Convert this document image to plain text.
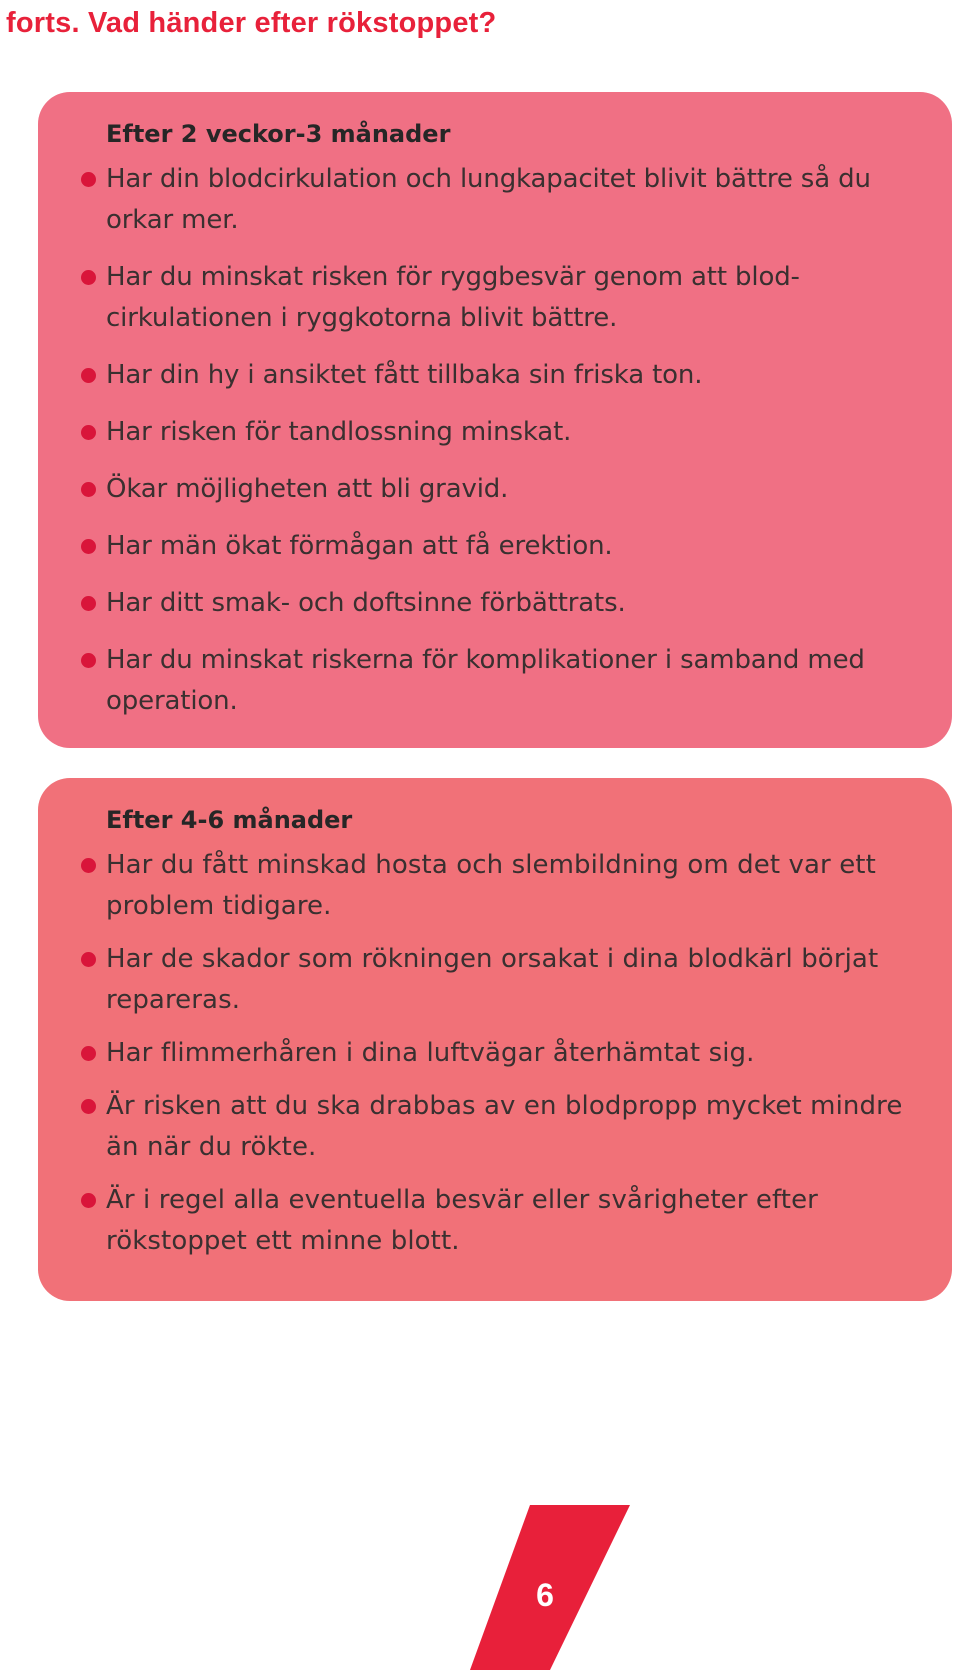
forts. Vad händer efter rökstoppet?
Efter 2 veckor-3 månader
Har din blodcirkulation och lungkapacitet blivit bättre så du orkar mer.
Har du minskat risken för ryggbesvär genom att blod-cirkulationen i ryggkotorna blivit bättre.
Har din hy i ansiktet fått tillbaka sin friska ton.
Har risken för tandlossning minskat.
Ökar möjligheten att bli gravid.
Har män ökat förmågan att få erektion.
Har ditt smak- och doftsinne förbättrats.
Har du minskat riskerna för komplikationer i samband med operation.
Efter 4-6 månader
Har du fått minskad hosta och slembildning om det var ett problem tidigare.
Har de skador som rökningen orsakat i dina blodkärl börjat repareras.
Har flimmerhåren i dina luftvägar återhämtat sig.
Är risken att du ska drabbas av en blodpropp mycket mindre än när du rökte.
Är i regel alla eventuella besvär eller svårigheter efter rökstoppet ett minne blott.
6
